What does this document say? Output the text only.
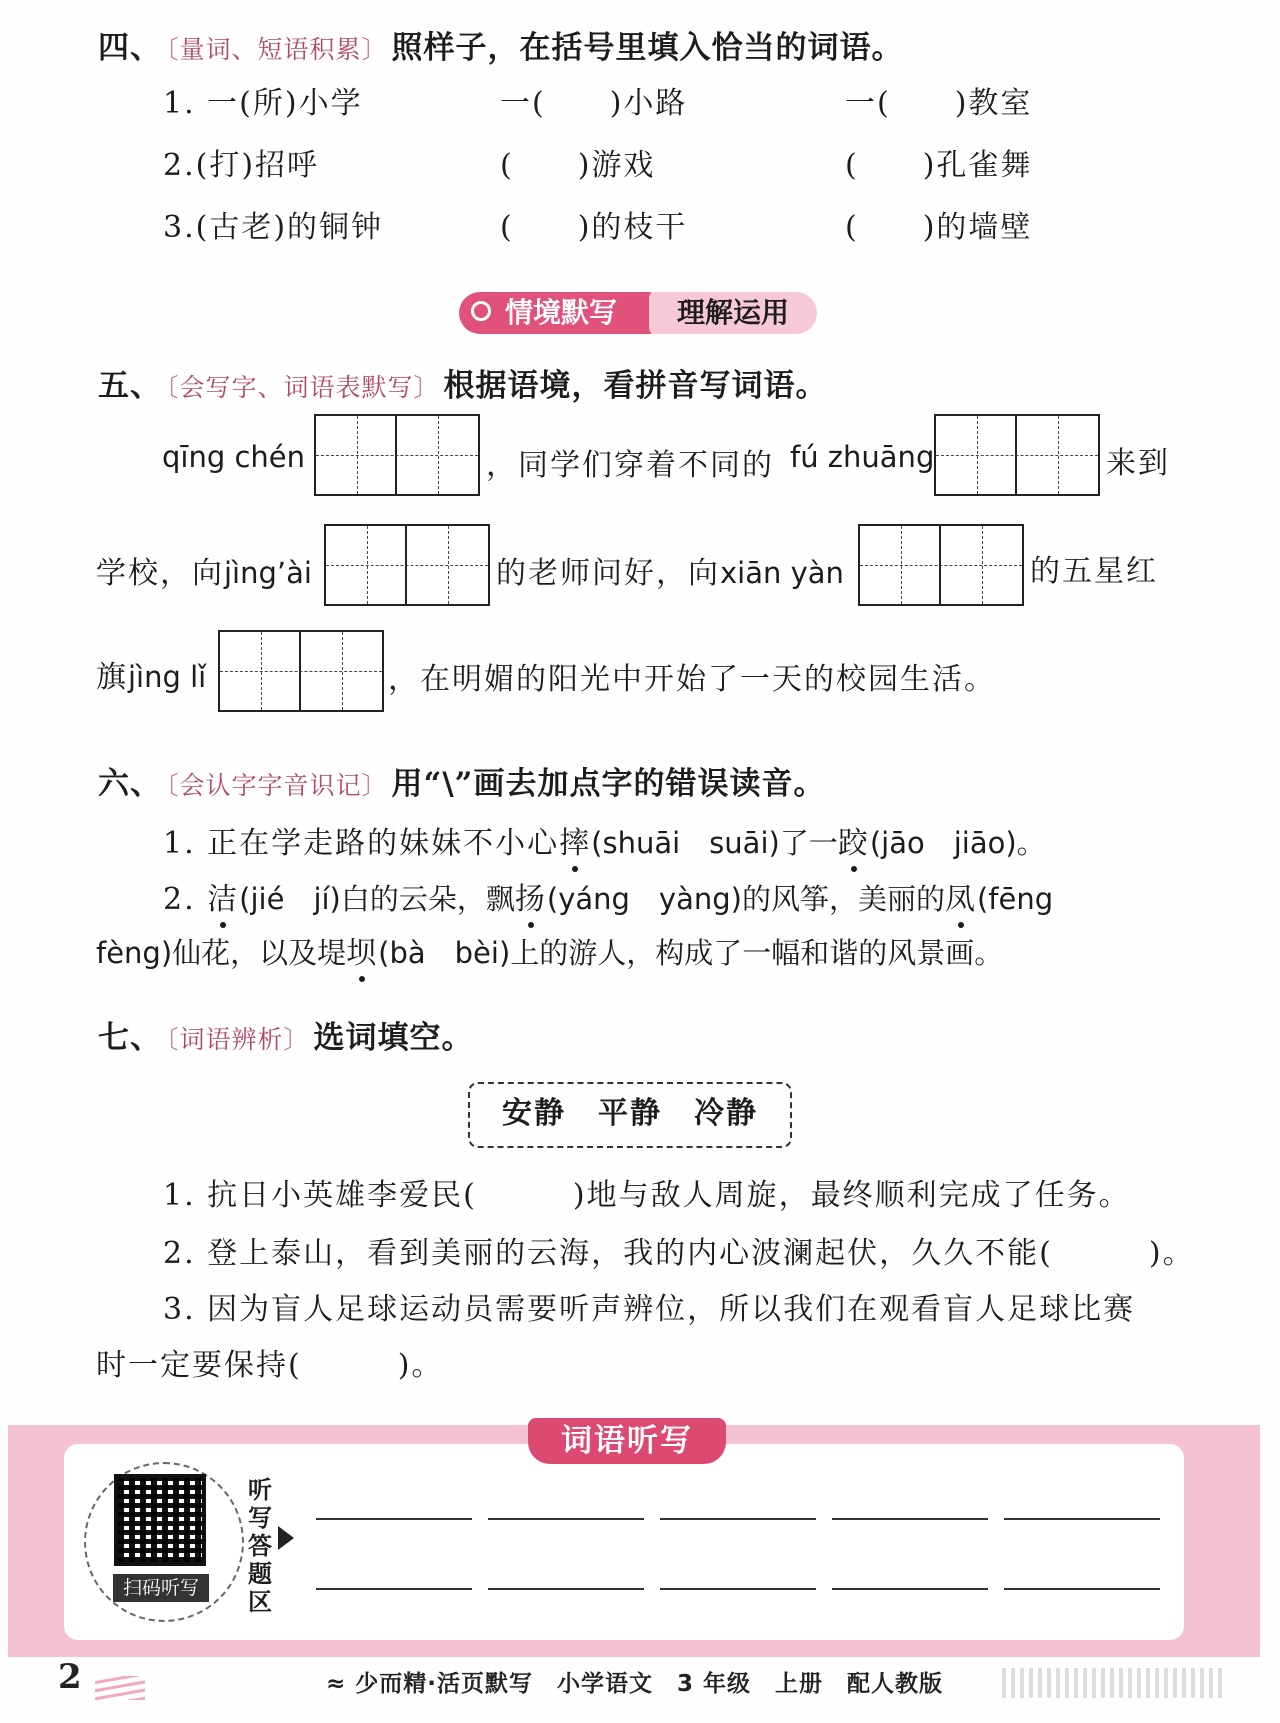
四、 〔量词、短语积累〕 照样子，在括号里填入恰当的词语。
1. 一(所)小学	一(　　)小路	一(　　)教室
2.(打)招呼	(　　)游戏	(　　)孔雀舞
3.(古老)的铜钟	(　　)的枝干	(　　)的墙壁
情境默写	理解运用
五、 〔会写字、词语表默写〕 根据语境，看拼音写词语。
qīng chén	，同学们穿着不同的 fú zhuāng	来到
学校，向jìng’ài	的老师问好，向xiān yàn	的五星红
旗jìng lǐ	，在明媚的阳光中开始了一天的校园生活。
六、 〔会认字字音识记〕 用“\”画去加点字的错误读音。
1. 正在学走路的妹妹不小心摔(shuāi　suāi)了一跤(jāo　jiāo)。
2. 洁(jié　jí)白的云朵，飘扬(yáng　yàng)的风筝，美丽的凤(fēng
fèng)仙花，以及堤坝(bà　bèi)上的游人，构成了一幅和谐的风景画。
七、 〔词语辨析〕 选词填空。
安静　平静　冷静
1. 抗日小英雄李爱民(　　　)地与敌人周旋，最终顺利完成了任务。
2. 登上泰山，看到美丽的云海，我的内心波澜起伏，久久不能(　　　)。
3. 因为盲人足球运动员需要听声辨位，所以我们在观看盲人足球比赛
时一定要保持(　　　)。
词语听写
扫码听写
听写答题区
2	≈ 少而精·活页默写 小学语文 3 年级 上册 配人教版
